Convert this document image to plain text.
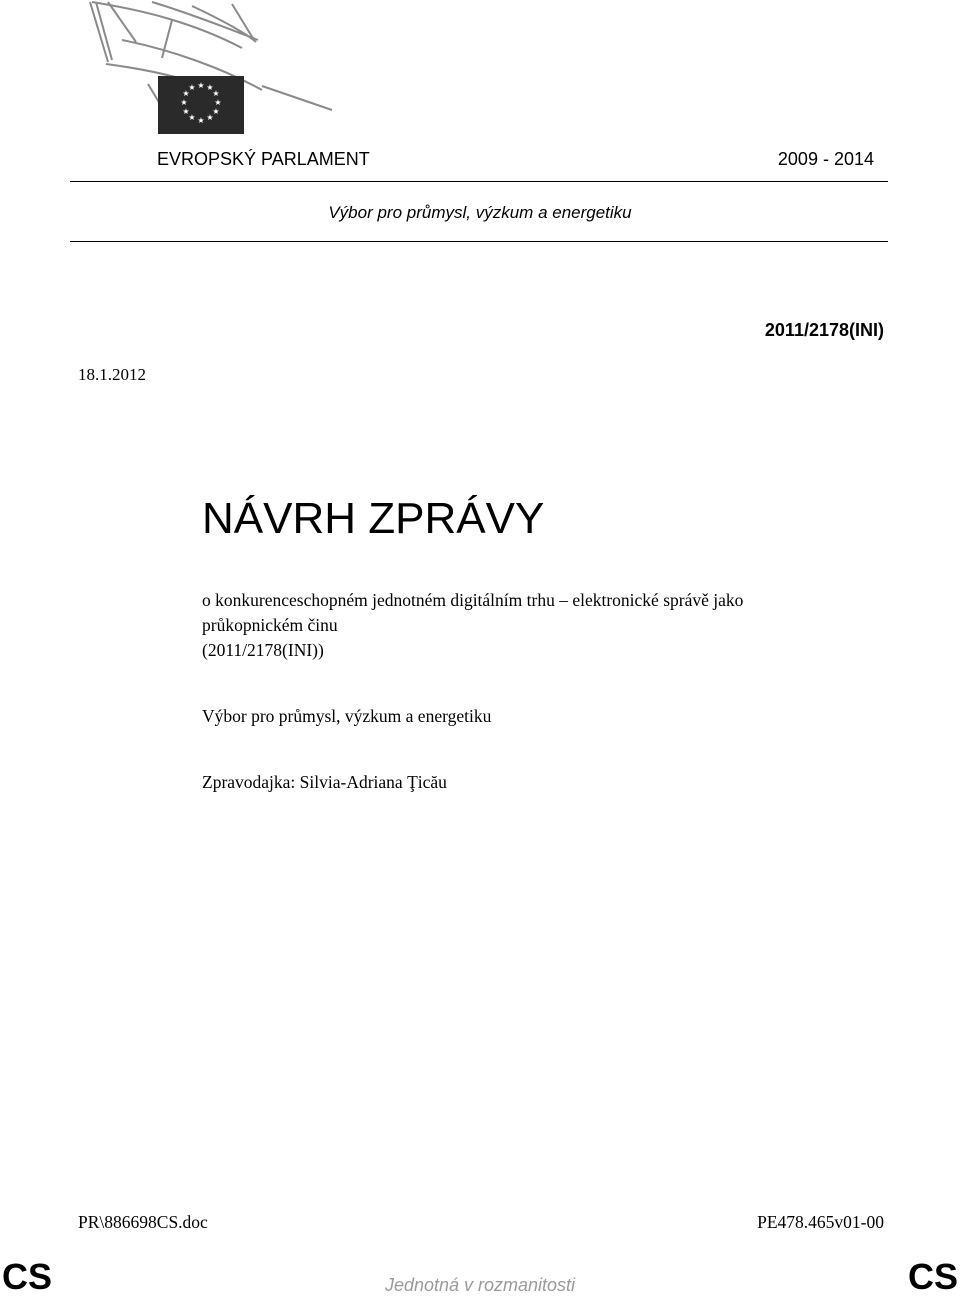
★ ★
★
★
★
★
★
★
★
★
★
★
EVROPSKÝ PARLAMENT	2009 - 2014
Výbor pro průmysl, výzkum a energetiku
2011/2178(INI)
18.1.2012
NÁVRH ZPRÁVY
o konkurenceschopném jednotném digitálním trhu – elektronické správě jako
průkopnickém činu
(2011/2178(INI))
Výbor pro průmysl, výzkum a energetiku
Zpravodajka: Silvia-Adriana Ţicău
PR\886698CS.doc	PE478.465v01-00
CS	CS
Jednotná v rozmanitosti
